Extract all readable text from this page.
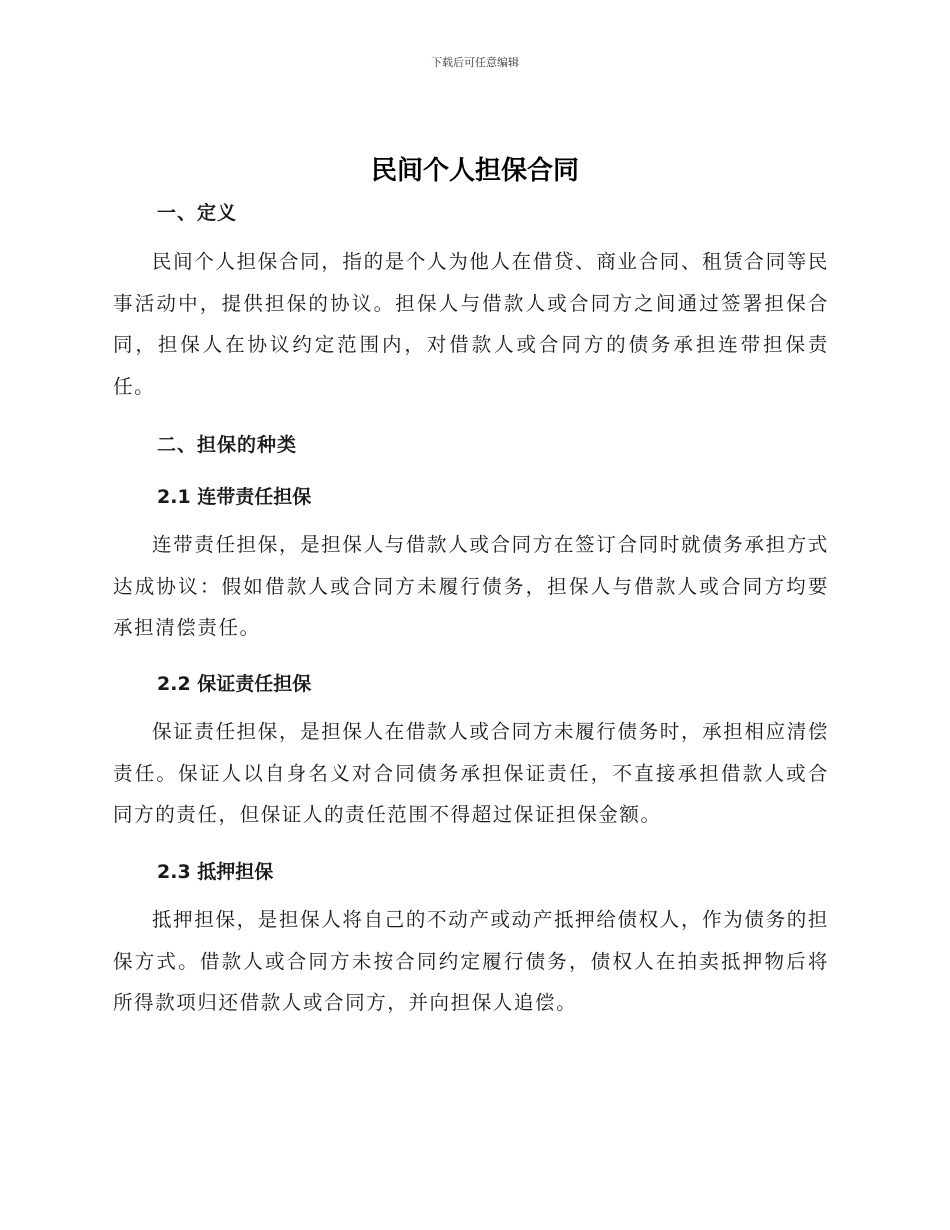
下载后可任意编辑
民间个人担保合同
一、定义

民间个人担保合同，指的是个人为他人在借贷、商业合同、租赁合同等民事活动中，提供担保的协议。担保人与借款人或合同方之间通过签署担保合同，担保人在协议约定范围内，对借款人或合同方的债务承担连带担保责任。

二、担保的种类
2.1 连带责任担保

连带责任担保，是担保人与借款人或合同方在签订合同时就债务承担方式达成协议：假如借款人或合同方未履行债务，担保人与借款人或合同方均要承担清偿责任。

2.2 保证责任担保

保证责任担保，是担保人在借款人或合同方未履行债务时，承担相应清偿责任。保证人以自身名义对合同债务承担保证责任，不直接承担借款人或合同方的责任，但保证人的责任范围不得超过保证担保金额。

2.3 抵押担保

抵押担保，是担保人将自己的不动产或动产抵押给债权人，作为债务的担保方式。借款人或合同方未按合同约定履行债务，债权人在拍卖抵押物后将所得款项归还借款人或合同方，并向担保人追偿。
